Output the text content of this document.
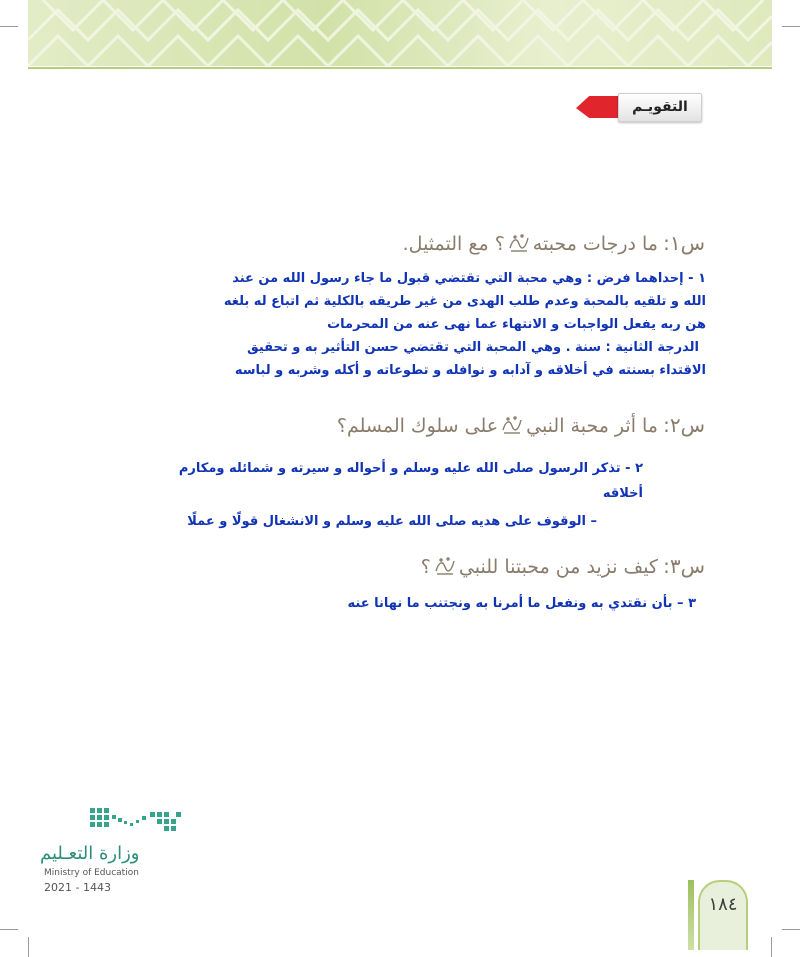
التقويـم
س١: ما درجات محبته؟ مع التمثيل.
١ - إحداهما فرض : وهي محبة التي تقتضي قبول ما جاء رسول الله من عند
الله و تلقيه بالمحبة وعدم طلب الهدى من غير طريقه بالكلية ثم اتباع له بلغه
هن ربه يفعل الواجبات و الانتهاء عما نهى عنه من المحرمات
الدرجة الثانية : سنة . وهي المحبة التي تقتضي حسن التأثير به و تحقيق
الاقتداء بسنته في أخلاقه و آدابه و نوافله و تطوعاته و أكله وشربه و لباسه
س٢: ما أثر محبة النبيعلى سلوك المسلم؟
٢ - تذكر الرسول صلى الله عليه وسلم و أحواله و سيرته و شمائله ومكارم
أخلاقه
– الوقوف على هديه صلى الله عليه وسلم و الانشغال قولًا و عملًا
س٣: كيف نزيد من محبتنا للنبي؟
٣ – بأن نقتدي به ونفعل ما أمرنا به ونجتنب ما نهانا عنه
وزارة التعـليم
Ministry of Education
2021 - 1443
١٨٤
